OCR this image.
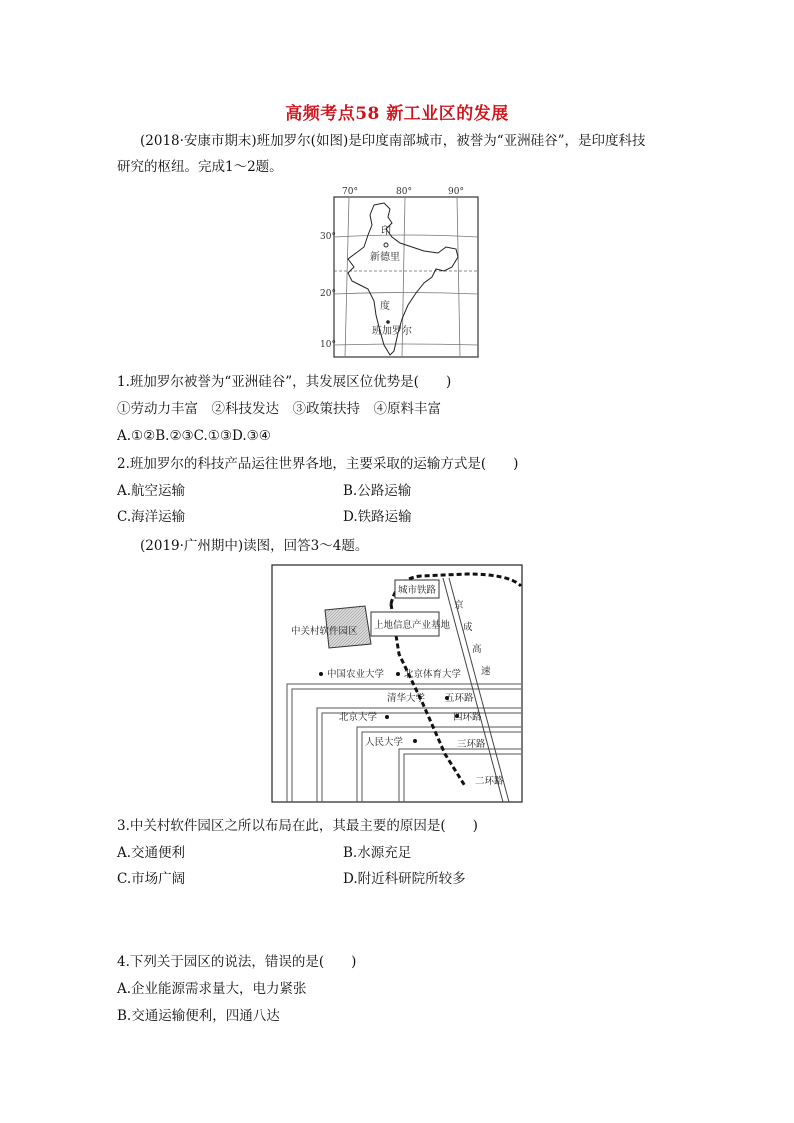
高频考点58 新工业区的发展
(2018·安康市期末)班加罗尔(如图)是印度南部城市，被誉为“亚洲硅谷”，是印度科技
研究的枢纽。完成1～2题。
70°	80°	90°
30°
20°
10°
印
新德里
度
班加罗尔
1.班加罗尔被誉为“亚洲硅谷”，其发展区位优势是(　　)
①劳动力丰富　②科技发达　③政策扶持　④原料丰富
A.①②B.②③C.①③D.③④
2.班加罗尔的科技产品运往世界各地，主要采取的运输方式是(　　)
A.航空运输	B.公路运输
C.海洋运输	D.铁路运输
(2019·广州期中)读图，回答3～4题。
城市铁路
京
成
高
速
中关村软件园区
上地信息产业基地
中国农业大学 北京体育大学
清华大学 五环路
北京大学	四环路
人民大学	三环路
二环路
3.中关村软件园区之所以布局在此，其最主要的原因是(　　)
A.交通便利	B.水源充足
C.市场广阔	D.附近科研院所较多
4.下列关于园区的说法，错误的是(　　)
A.企业能源需求量大，电力紧张
B.交通运输便利，四通八达
